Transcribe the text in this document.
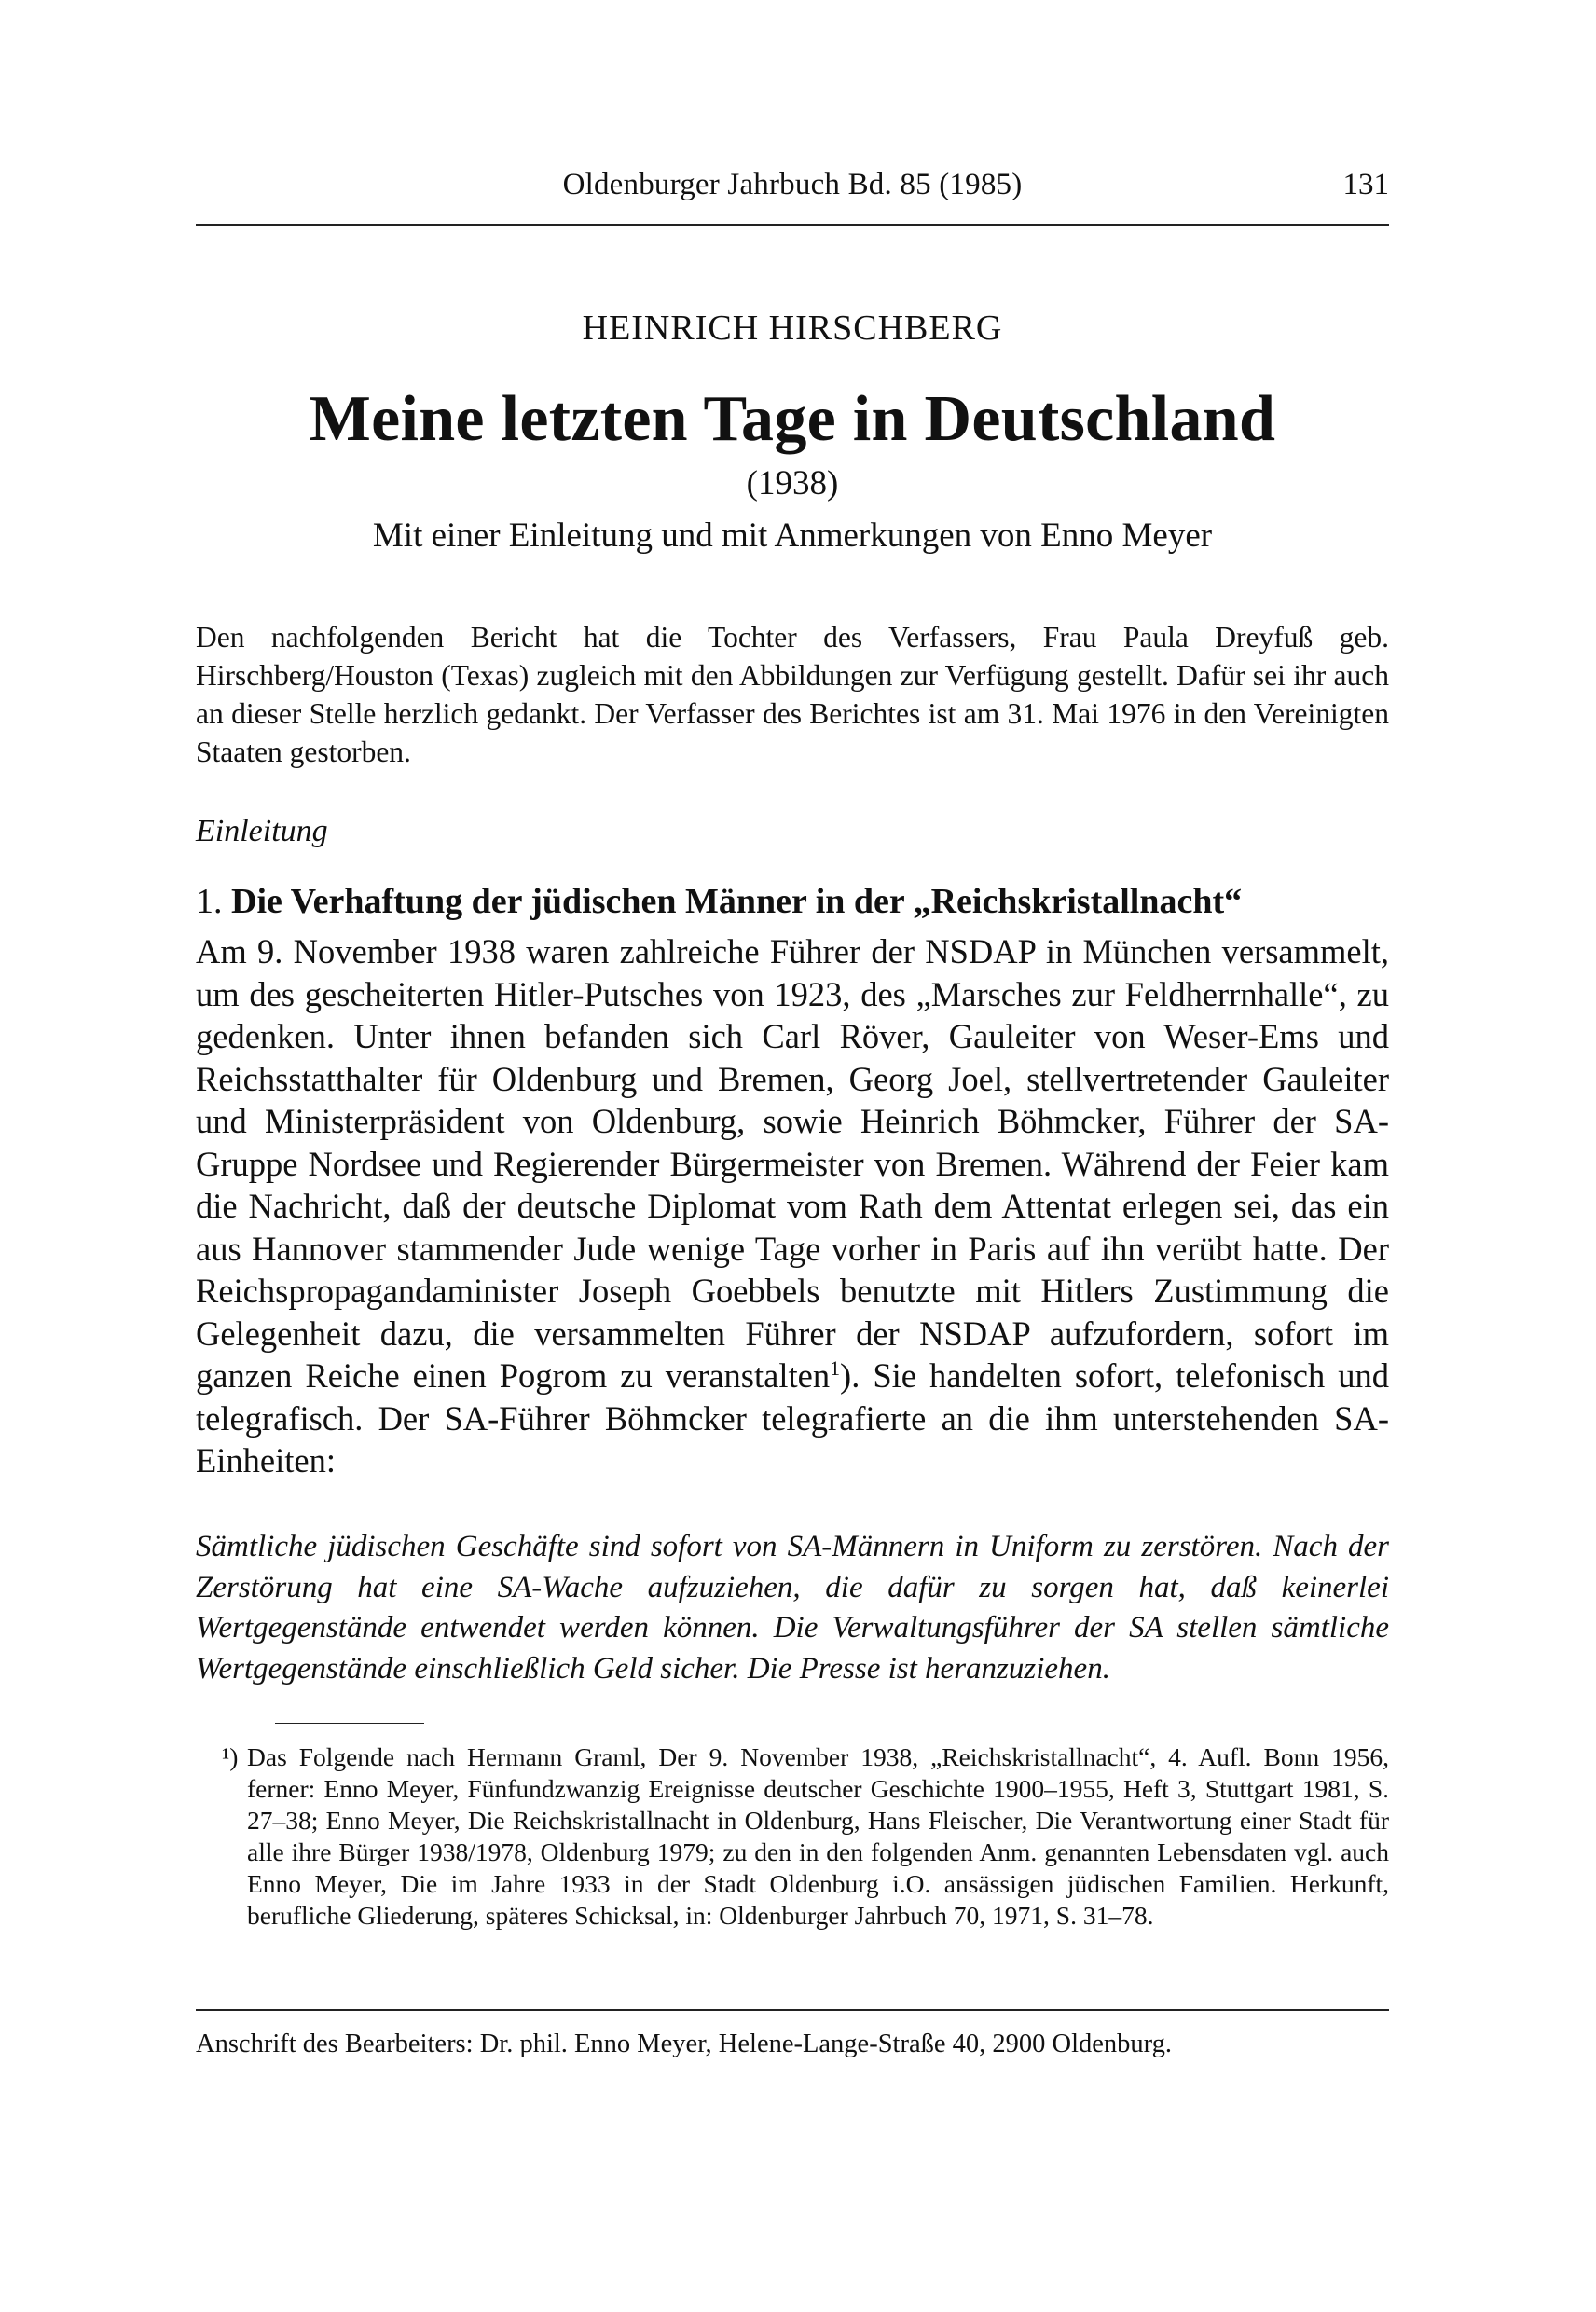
Oldenburger Jahrbuch Bd. 85 (1985)	131
HEINRICH HIRSCHBERG
Meine letzten Tage in Deutschland
(1938)
Mit einer Einleitung und mit Anmerkungen von Enno Meyer
Den nachfolgenden Bericht hat die Tochter des Verfassers, Frau Paula Dreyfuß geb. Hirschberg/Houston (Texas) zugleich mit den Abbildungen zur Verfügung gestellt. Dafür sei ihr auch an dieser Stelle herzlich gedankt. Der Verfasser des Berichtes ist am 31. Mai 1976 in den Vereinigten Staaten gestorben.
Einleitung
1. Die Verhaftung der jüdischen Männer in der „Reichskristallnacht“
Am 9. November 1938 waren zahlreiche Führer der NSDAP in München versammelt, um des gescheiterten Hitler-Putsches von 1923, des „Marsches zur Feldherrnhalle“, zu gedenken. Unter ihnen befanden sich Carl Röver, Gauleiter von Weser-Ems und Reichsstatthalter für Oldenburg und Bremen, Georg Joel, stellvertretender Gauleiter und Ministerpräsident von Oldenburg, sowie Heinrich Böhmcker, Führer der SA-Gruppe Nordsee und Regierender Bürgermeister von Bremen. Während der Feier kam die Nachricht, daß der deutsche Diplomat vom Rath dem Attentat erlegen sei, das ein aus Hannover stammender Jude wenige Tage vorher in Paris auf ihn verübt hatte. Der Reichspropagandaminister Joseph Goebbels benutzte mit Hitlers Zustimmung die Gelegenheit dazu, die versammelten Führer der NSDAP aufzufordern, sofort im ganzen Reiche einen Pogrom zu veranstalten$^1$). Sie handelten sofort, telefonisch und telegrafisch. Der SA-Führer Böhmcker telegrafierte an die ihm unterstehenden SA-Einheiten:
Sämtliche jüdischen Geschäfte sind sofort von SA-Männern in Uniform zu zerstören. Nach der Zerstörung hat eine SA-Wache aufzuziehen, die dafür zu sorgen hat, daß keinerlei Wertgegenstände entwendet werden können. Die Verwaltungsführer der SA stellen sämtliche Wertgegenstände einschließlich Geld sicher. Die Presse ist heranzuziehen.
¹) Das Folgende nach Hermann Graml, Der 9. November 1938, „Reichskristallnacht“, 4. Aufl. Bonn 1956, ferner: Enno Meyer, Fünfundzwanzig Ereignisse deutscher Geschichte 1900–1955, Heft 3, Stuttgart 1981, S. 27–38; Enno Meyer, Die Reichskristallnacht in Oldenburg, Hans Fleischer, Die Verantwortung einer Stadt für alle ihre Bürger 1938/1978, Oldenburg 1979; zu den in den folgenden Anm. genannten Lebensdaten vgl. auch Enno Meyer, Die im Jahre 1933 in der Stadt Oldenburg i.O. ansässigen jüdischen Familien. Herkunft, berufliche Gliederung, späteres Schicksal, in: Oldenburger Jahrbuch 70, 1971, S. 31–78.
Anschrift des Bearbeiters: Dr. phil. Enno Meyer, Helene-Lange-Straße 40, 2900 Oldenburg.
